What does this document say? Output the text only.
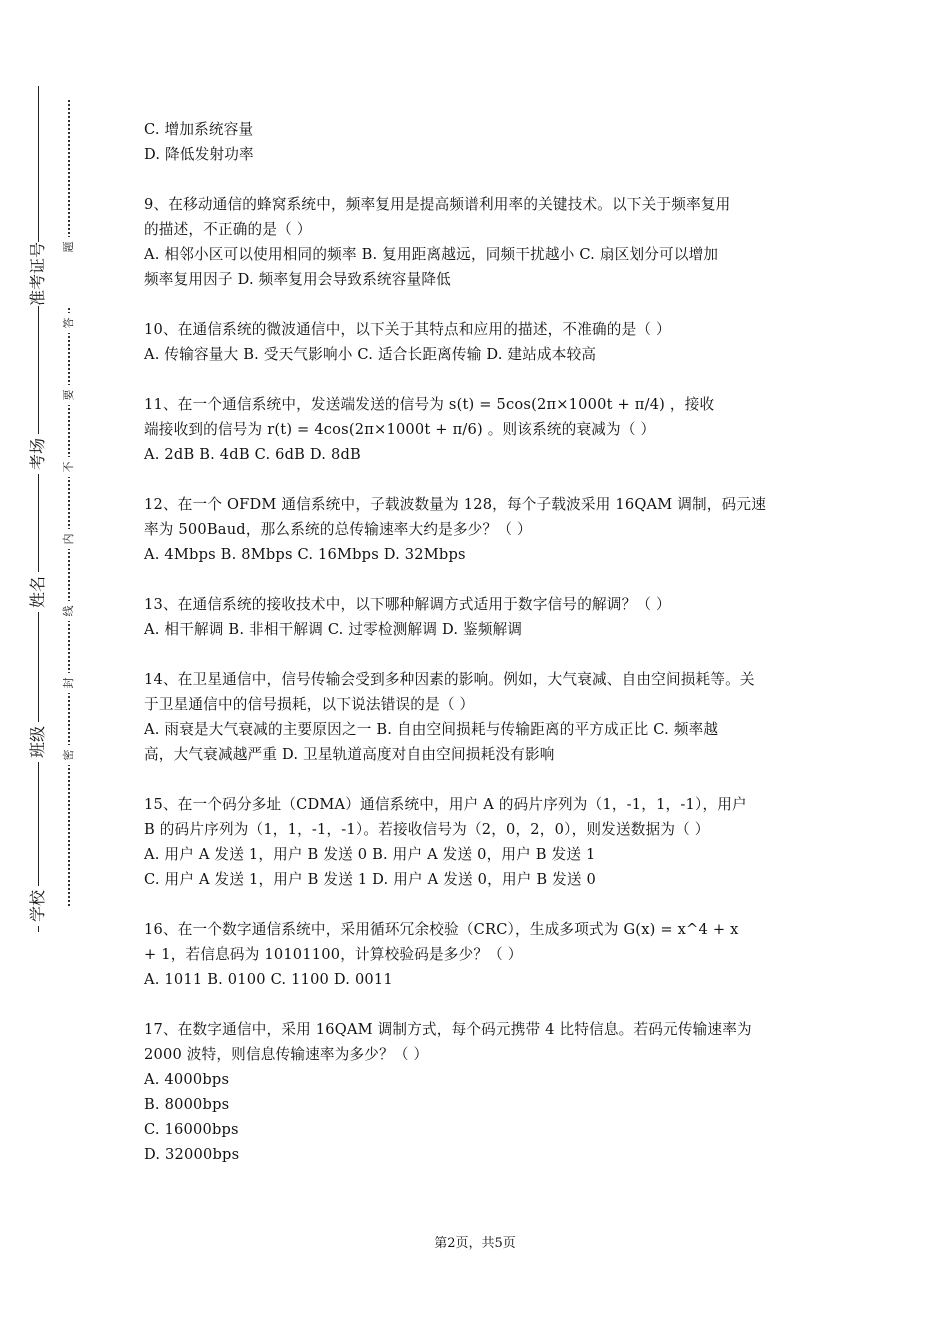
准考证号
考场
姓名
班级
学校
题
答
要
不
内
线
封
密
C. 增加系统容量
D. 降低发射功率
9、在移动通信的蜂窝系统中，频率复用是提高频谱利用率的关键技术。以下关于频率复用
的描述，不正确的是（ ）
A. 相邻小区可以使用相同的频率 B. 复用距离越远，同频干扰越小 C. 扇区划分可以增加
频率复用因子 D. 频率复用会导致系统容量降低
10、在通信系统的微波通信中，以下关于其特点和应用的描述，不准确的是（ ）
A. 传输容量大 B. 受天气影响小 C. 适合长距离传输 D. 建站成本较高
11、在一个通信系统中，发送端发送的信号为 s(t) = 5cos(2π×1000t + π/4) ，接收
端接收到的信号为 r(t) = 4cos(2π×1000t + π/6) 。则该系统的衰减为（ ）
A. 2dB B. 4dB C. 6dB D. 8dB
12、在一个 OFDM 通信系统中，子载波数量为 128，每个子载波采用 16QAM 调制，码元速
率为 500Baud，那么系统的总传输速率大约是多少？（ ）
A. 4Mbps B. 8Mbps C. 16Mbps D. 32Mbps
13、在通信系统的接收技术中，以下哪种解调方式适用于数字信号的解调？（ ）
A. 相干解调 B. 非相干解调 C. 过零检测解调 D. 鉴频解调
14、在卫星通信中，信号传输会受到多种因素的影响。例如，大气衰减、自由空间损耗等。关
于卫星通信中的信号损耗，以下说法错误的是（ ）
A. 雨衰是大气衰减的主要原因之一 B. 自由空间损耗与传输距离的平方成正比 C. 频率越
高，大气衰减越严重 D. 卫星轨道高度对自由空间损耗没有影响
15、在一个码分多址（CDMA）通信系统中，用户 A 的码片序列为（1，-1，1，-1），用户
B 的码片序列为（1，1，-1，-1）。若接收信号为（2，0，2，0），则发送数据为（ ）
A. 用户 A 发送 1，用户 B 发送 0 B. 用户 A 发送 0，用户 B 发送 1
C. 用户 A 发送 1，用户 B 发送 1 D. 用户 A 发送 0，用户 B 发送 0
16、在一个数字通信系统中，采用循环冗余校验（CRC），生成多项式为 G(x) = x^4 + x
+ 1，若信息码为 10101100，计算校验码是多少？（ ）
A. 1011 B. 0100 C. 1100 D. 0011
17、在数字通信中，采用 16QAM 调制方式，每个码元携带 4 比特信息。若码元传输速率为
2000 波特，则信息传输速率为多少？（ ）
A. 4000bps
B. 8000bps
C. 16000bps
D. 32000bps
第2页，共5页
